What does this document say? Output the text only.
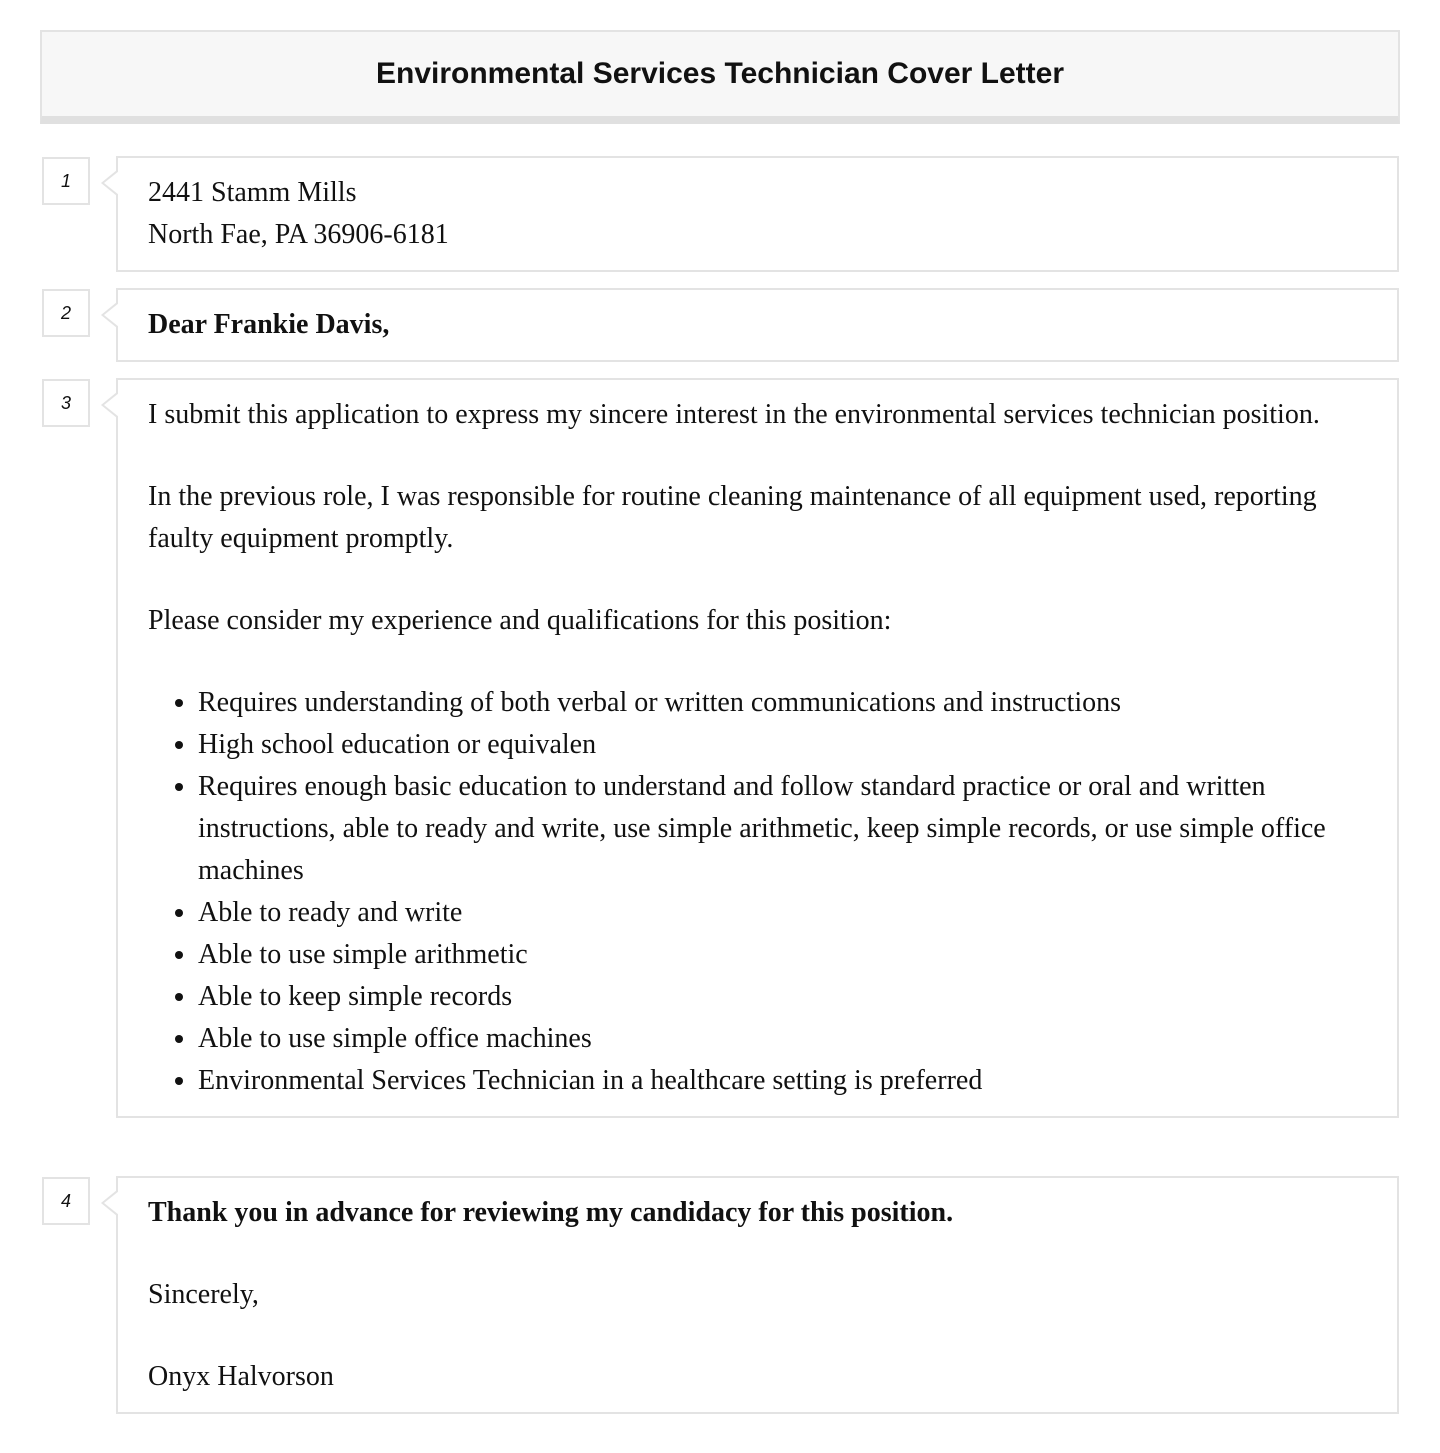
Environmental Services Technician Cover Letter
1	2441 Stamm Mills
North Fae, PA 36906-6181
2	Dear Frankie Davis,
3	I submit this application to express my sincere interest in the environmental services technician position.

In the previous role, I was responsible for routine cleaning maintenance of all equipment used, reporting faulty equipment promptly.

Please consider my experience and qualifications for this position:

• Requires understanding of both verbal or written communications and instructions
• High school education or equivalen
• Requires enough basic education to understand and follow standard practice or oral and written instructions, able to ready and write, use simple arithmetic, keep simple records, or use simple office machines
• Able to ready and write
• Able to use simple arithmetic
• Able to keep simple records
• Able to use simple office machines
• Environmental Services Technician in a healthcare setting is preferred
4	Thank you in advance for reviewing my candidacy for this position.

Sincerely,

Onyx Halvorson
